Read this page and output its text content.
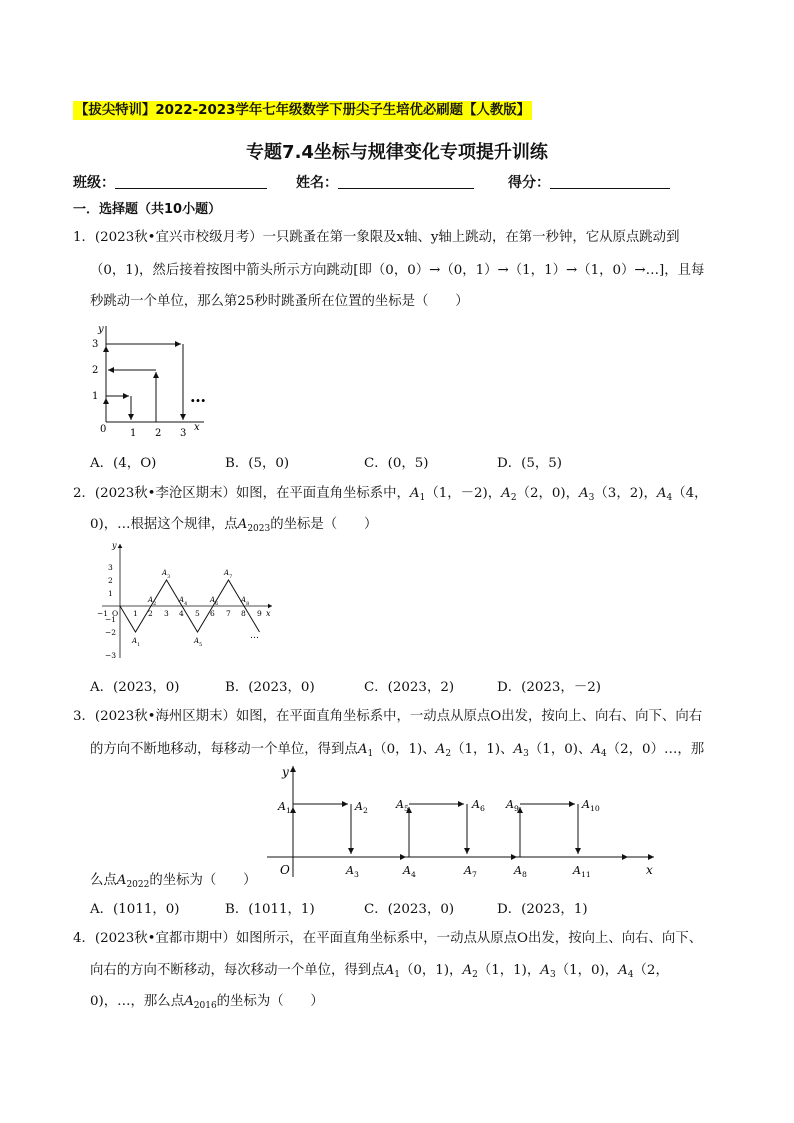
【拔尖特训】2022-2023学年七年级数学下册尖子生培优必刷题【人教版】
专题7.4坐标与规律变化专项提升训练
班级：	姓名：	得分：
一．选择题（共10小题）
1．(2023秋•宜兴市校级月考）一只跳蚤在第一象限及x轴、y轴上跳动，在第一秒钟，它从原点跳动到
（0，1)，然后接着按图中箭头所示方向跳动[即（0，0）→（0，1）→（1，1）→（1，0）→…]，且每
秒跳动一个单位，那么第25秒时跳蚤所在位置的坐标是（　　）
y
x
0 1 2 3
1
2
3
…
A．(4，O)	B．(5，0)	C．(0，5)	D．(5，5)
2．(2023秋•李沧区期末）如图，在平面直角坐标系中，$A_1(1$，－2)，$A_2(2$，0)，$A_3(3$，2)，$A_4(4$，
0)，…根据这个规律，点$A_{2023}$的坐标是（　　）
y
x
−1 O 1 2 3 4 5 6 7 8 9
3
2
1
−1
−2
−3
$A_1$
$A_2$
$A_3$
$A_4$
$A_5$
$A_6$
$A_7$
$A_8$
…
A．(2023，0)	B．(2023，0)	C．(2023，2)	D．(2023，－2)
3．(2023秋•海州区期末）如图，在平面直角坐标系中，一动点从原点O出发，按向上、向右、向下、向右
的方向不断地移动，每移动一个单位，得到点$A_1(0$，1)、$A_2(1$，1)、$A_3(1$，0)、$A_4(2$，0）…，那
y
x
O
$A_1$	$A_2$	$A_5$	$A_6$ $A_9$	$A_{10}$
$A_3$	$A_4$	$A_7$	$A_8$	$A_{11}$
么点$A_{2022}$的坐标为（　　）
A．(1011，0)	B．(1011，1)	C．(2023，0)	D．(2023，1)
4．(2023秋•宜都市期中）如图所示，在平面直角坐标系中，一动点从原点O出发，按向上、向右、向下、
向右的方向不断移动，每次移动一个单位，得到点$A_1(0$，1)，$A_2(1$，1)，$A_3(1$，0)，$A_4(2$，
0)，…，那么点$A_{2016}$的坐标为（　　）
